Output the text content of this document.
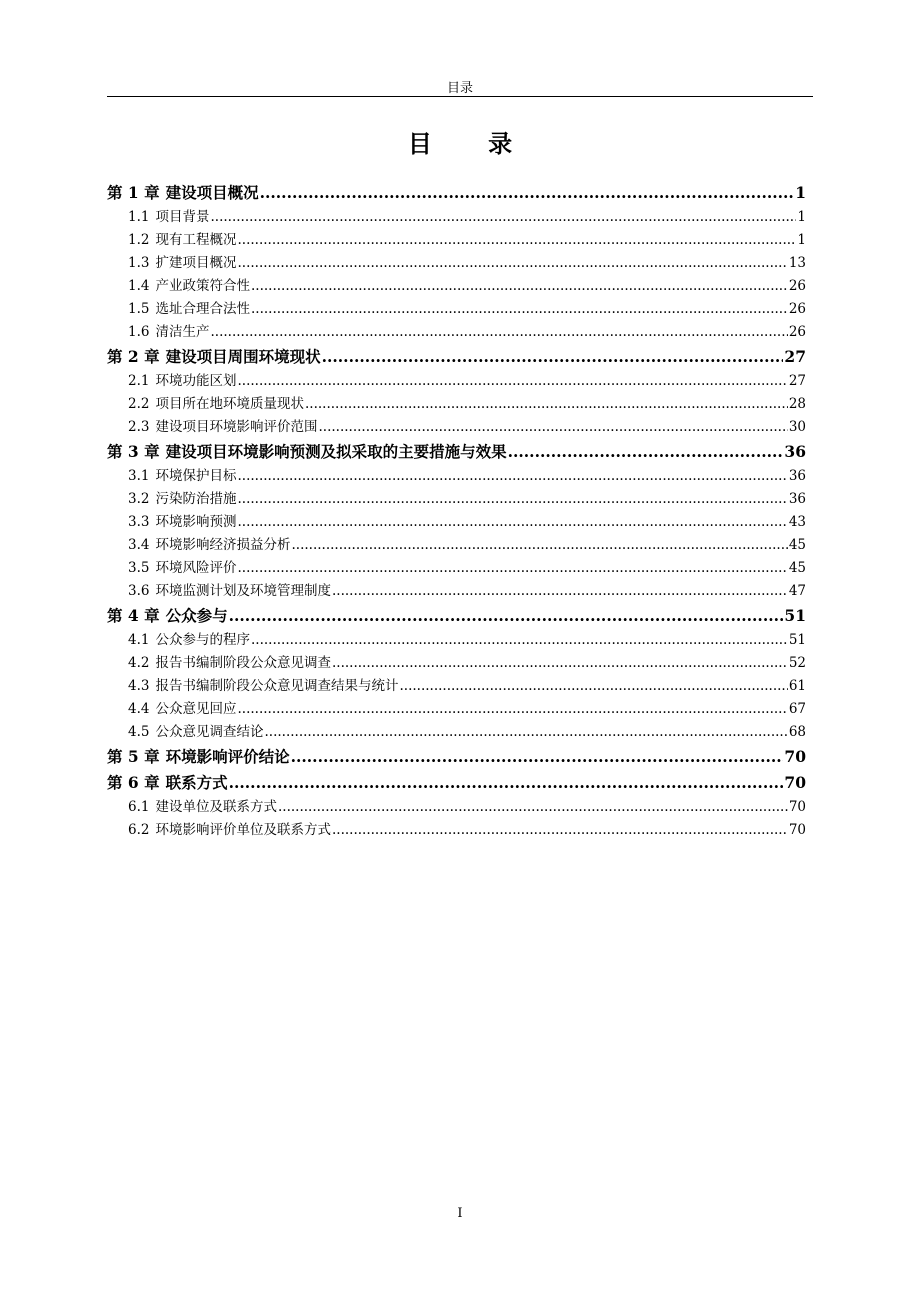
目录
目 录
第 1 章 建设项目概况 .....	1
1.1 项目背景 .....	1
1.2 现有工程概况 .....	1
1.3 扩建项目概况 .....	13
1.4 产业政策符合性 .....	26
1.5 选址合理合法性 .....	26
1.6 清洁生产 .....	26
第 2 章 建设项目周围环境现状 .....	27
2.1 环境功能区划 .....	27
2.2 项目所在地环境质量现状 .....	28
2.3 建设项目环境影响评价范围 .....	30
第 3 章 建设项目环境影响预测及拟采取的主要措施与效果 .....	36
3.1 环境保护目标 .....	36
3.2 污染防治措施 .....	36
3.3 环境影响预测 .....	43
3.4 环境影响经济损益分析 .....	45
3.5 环境风险评价 .....	45
3.6 环境监测计划及环境管理制度 .....	47
第 4 章 公众参与 .....	51
4.1 公众参与的程序 .....	51
4.2 报告书编制阶段公众意见调查 .....	52
4.3 报告书编制阶段公众意见调查结果与统计 .....	61
4.4 公众意见回应 .....	67
4.5 公众意见调查结论 .....	68
第 5 章 环境影响评价结论 .....	70
第 6 章 联系方式 .....	70
6.1 建设单位及联系方式 .....	70
6.2 环境影响评价单位及联系方式 .....	70
I
